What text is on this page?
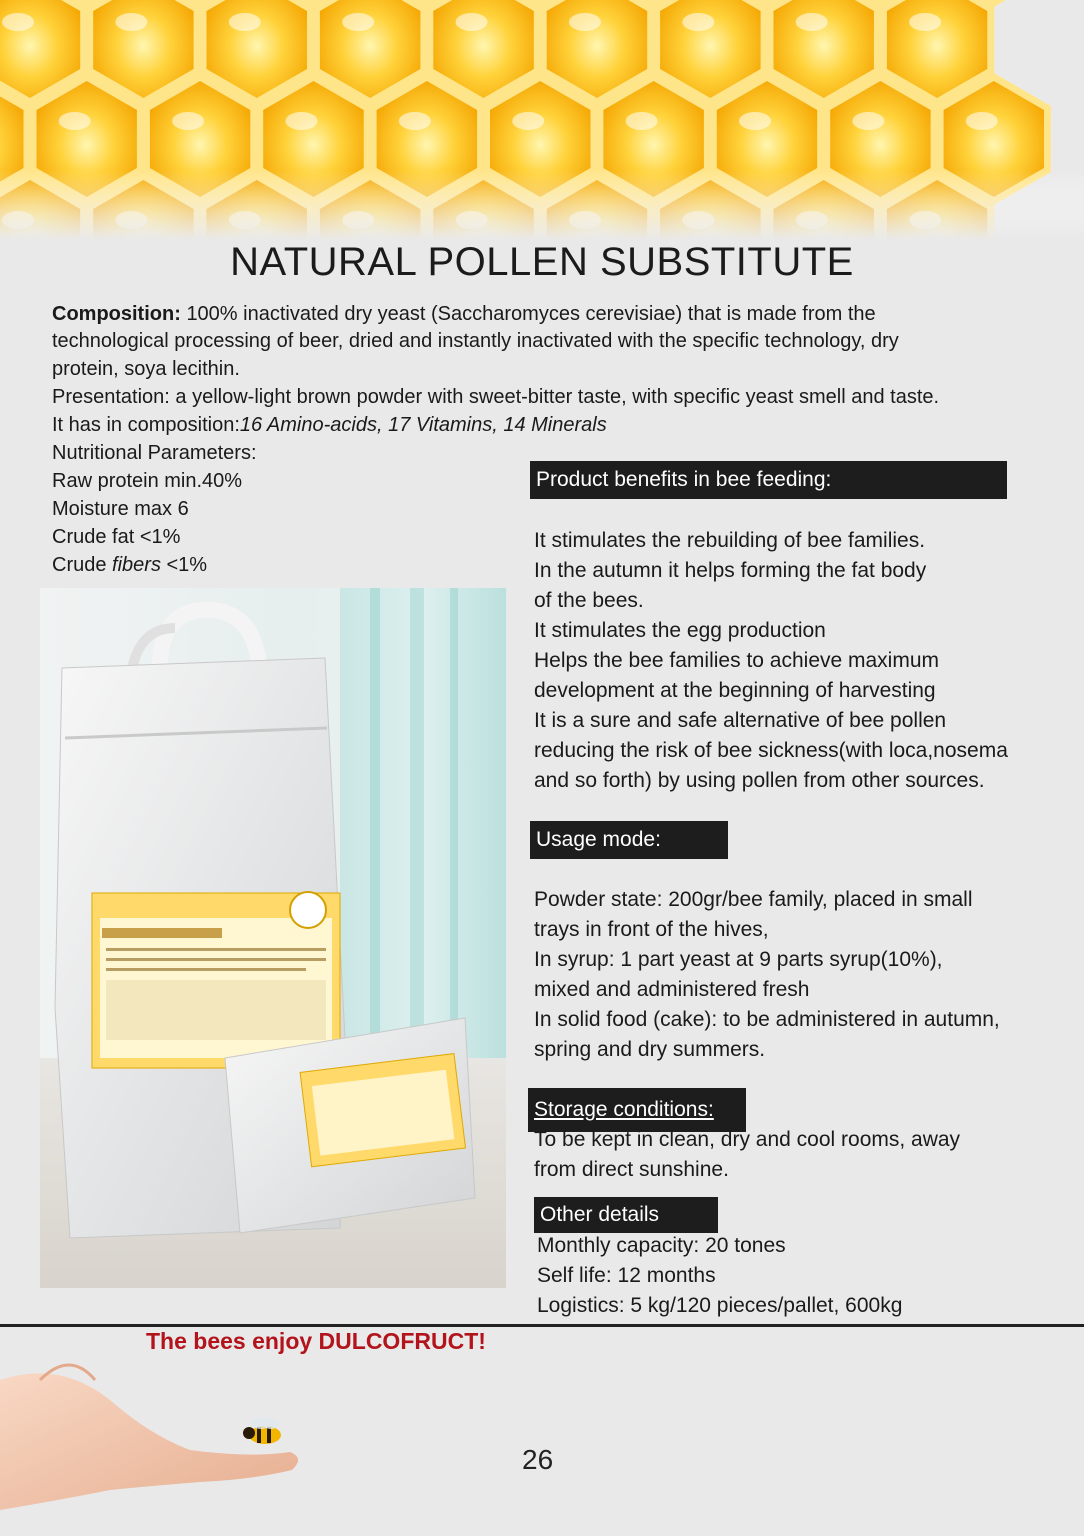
NATURAL POLLEN SUBSTITUTE
Composition: 100% inactivated dry yeast (Saccharomyces cerevisiae) that is made from the
technological processing of beer, dried and instantly inactivated with the specific technology, dry
protein, soya lecithin.
Presentation: a yellow-light brown powder with sweet-bitter taste, with specific yeast smell and taste.
It has in composition:16 Amino-acids, 17 Vitamins, 14 Minerals
Nutritional Parameters:
Raw protein min.40%
Moisture max 6
Crude fat <1%
Crude fibers <1%
Product benefits in bee feeding:
It stimulates the rebuilding of bee families.
In the autumn it helps forming the fat body
of the bees.
It stimulates the egg production
Helps the bee families to achieve maximum
development at the beginning of harvesting
It is a sure and safe alternative of bee pollen
reducing the risk of bee sickness(with loca,nosema
and so forth) by using pollen from other sources.
Usage mode:
Powder state: 200gr/bee family, placed in small
trays in front of the hives,
In syrup: 1 part yeast at 9 parts syrup(10%),
mixed and administered fresh
In solid food (cake): to be administered in autumn,
spring and dry summers.
Storage conditions:
To be kept in clean, dry and cool rooms, away
from direct sunshine.
Other details
Monthly capacity: 20 tones
Self life: 12 months
Logistics: 5 kg/120 pieces/pallet, 600kg
The bees enjoy DULCOFRUCT!
26
